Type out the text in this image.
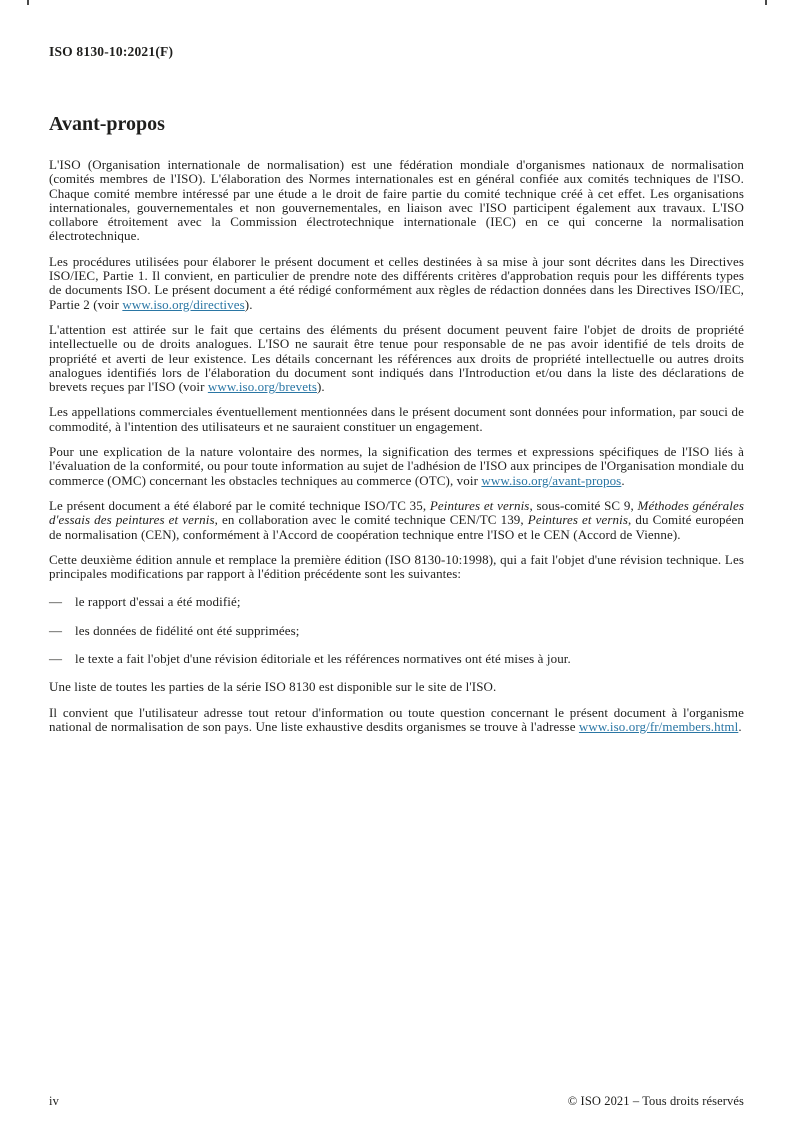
ISO 8130-10:2021(F)
Avant-propos

L'ISO (Organisation internationale de normalisation) est une fédération mondiale d'organismes nationaux de normalisation (comités membres de l'ISO). L'élaboration des Normes internationales est en général confiée aux comités techniques de l'ISO. Chaque comité membre intéressé par une étude a le droit de faire partie du comité technique créé à cet effet. Les organisations internationales, gouvernementales et non gouvernementales, en liaison avec l'ISO participent également aux travaux. L'ISO collabore étroitement avec la Commission électrotechnique internationale (IEC) en ce qui concerne la normalisation électrotechnique.

Les procédures utilisées pour élaborer le présent document et celles destinées à sa mise à jour sont décrites dans les Directives ISO/IEC, Partie 1. Il convient, en particulier de prendre note des différents critères d'approbation requis pour les différents types de documents ISO. Le présent document a été rédigé conformément aux règles de rédaction données dans les Directives ISO/IEC, Partie 2 (voir www.iso.org/directives).

L'attention est attirée sur le fait que certains des éléments du présent document peuvent faire l'objet de droits de propriété intellectuelle ou de droits analogues. L'ISO ne saurait être tenue pour responsable de ne pas avoir identifié de tels droits de propriété et averti de leur existence. Les détails concernant les références aux droits de propriété intellectuelle ou autres droits analogues identifiés lors de l'élaboration du document sont indiqués dans l'Introduction et/ou dans la liste des déclarations de brevets reçues par l'ISO (voir www.iso.org/brevets).

Les appellations commerciales éventuellement mentionnées dans le présent document sont données pour information, par souci de commodité, à l'intention des utilisateurs et ne sauraient constituer un engagement.

Pour une explication de la nature volontaire des normes, la signification des termes et expressions spécifiques de l'ISO liés à l'évaluation de la conformité, ou pour toute information au sujet de l'adhésion de l'ISO aux principes de l'Organisation mondiale du commerce (OMC) concernant les obstacles techniques au commerce (OTC), voir www.iso.org/avant-propos.

Le présent document a été élaboré par le comité technique ISO/TC 35, Peintures et vernis, sous-comité SC 9, Méthodes générales d'essais des peintures et vernis, en collaboration avec le comité technique CEN/TC 139, Peintures et vernis, du Comité européen de normalisation (CEN), conformément à l'Accord de coopération technique entre l'ISO et le CEN (Accord de Vienne).

Cette deuxième édition annule et remplace la première édition (ISO 8130-10:1998), qui a fait l'objet d'une révision technique. Les principales modifications par rapport à l'édition précédente sont les suivantes:

— le rapport d'essai a été modifié;
— les données de fidélité ont été supprimées;
— le texte a fait l'objet d'une révision éditoriale et les références normatives ont été mises à jour.

Une liste de toutes les parties de la série ISO 8130 est disponible sur le site de l'ISO.

Il convient que l'utilisateur adresse tout retour d'information ou toute question concernant le présent document à l'organisme national de normalisation de son pays. Une liste exhaustive desdits organismes se trouve à l'adresse www.iso.org/fr/members.html.

iv	© ISO 2021 – Tous droits réservés
